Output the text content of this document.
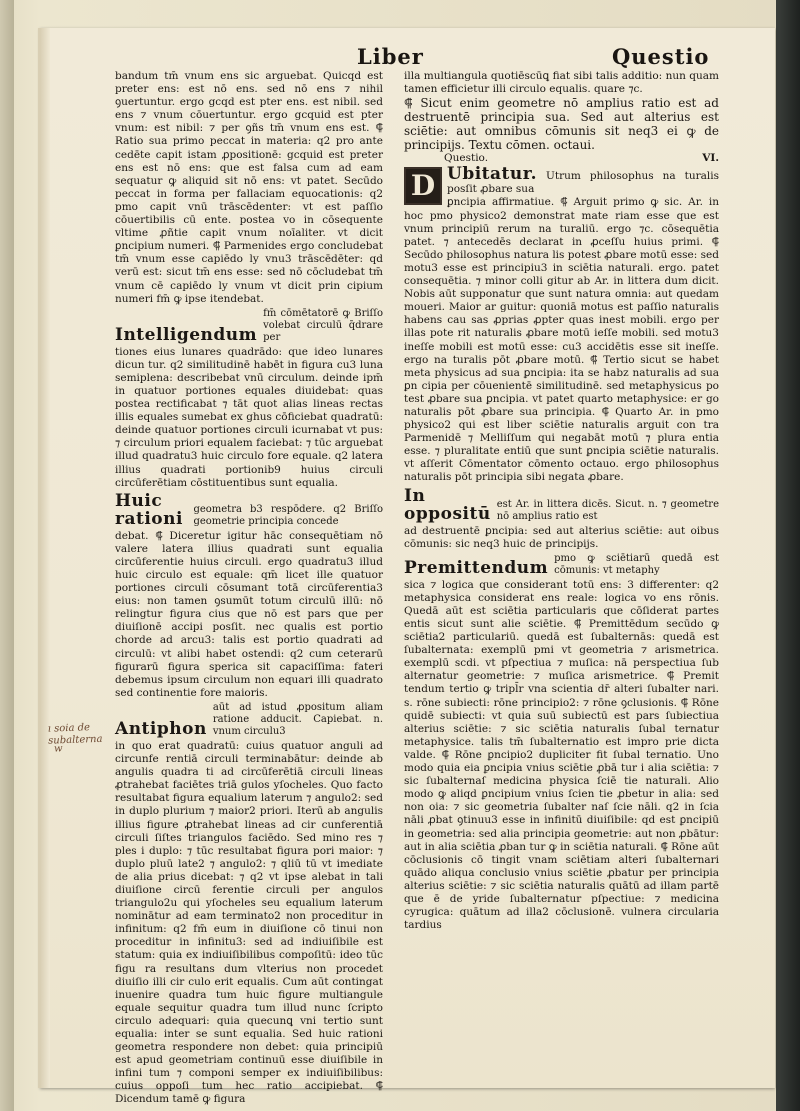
Liber	Questio

bandum tm̄ vnum ens sic arguebat. Quicqd est preter ens: est nō ens. sed nō ens ⁊ nihil ꝯuertuntur. ergo gcqd est pter ens. est nibil. sed ens ⁊ vnum cōuertuntur. ergo gcquid est pter vnum: est nibil: ⁊ per ꝯñs tm̄ vnum ens est. ⸿ Ratio sua primo peccat in materia: q2 pro ante cedēte capit istam ꝓpositionē: gcquid est preter ens est nō ens: que est falsa cum ad eam sequatur ꝙ aliquid sit nō ens: vt patet. Secūdo peccat in forma per fallaciam equocationis: q2 pmo capit vnū trāscēdenter: vt est paſſio cōuertibilis cū ente. postea vo in cōsequente vltime ꝓñtie capit vnum noīaliter. vt dicit ꝑncipium numeri. ⸿ Parmenides ergo concludebat tm̄ vnum esse capiēdo ly vnu3 trāscēdēter: qd verū est: sicut tm̄ ens esse: sed nō cōcludebat tm̄ vnum cē capiēdo ly vnum vt dicit prin cipium numeri fm̄ ꝙ ipse itendebat.

Intelligendum
fm̄ cōmētatorē ꝙ Briſſo volebat circulū q̄drare per

tiones eius lunares quadrādo: que ideo lunares dicun tur. q2 similitudinē habēt in figura cu3 luna semiplena: describebat vnū circulum. deinde ipm̄ in quatuor portiones equales diuidebat: quas postea rectificabat ⁊ tāt quot alias lineas rectas illis equales sumebat ex ghus cōficiebat quadratū: deinde quatuor portiones circuli icurnabat vt pus: ⁊ circulum priori equalem faciebat: ⁊ tūc arguebat illud quadratu3 huic circulo fore equale. q2 latera illius quadrati portionib9 huius circuli circūferētiam cōstituentibus sunt equalia.

Huic rationi	geometra b3 respōdere. q2 Briſſo geometrie principia concede

debat. ⸿ Diceretur igitur hāc consequētiam nō valere latera illius quadrati sunt equalia circūferentie huius circuli. ergo quadratu3 illud huic circulo est equale: qm̄ licet ille quatuor portiones circuli cōsumant totā circūferentia3 eius: non tamen ꝯsumūt totum circulū illū: nō relingtur figura cius que nō est pars que per diuiſionē accipi posſit. nec qualis est portio chorde ad arcu3: talis est portio quadrati ad circulū: vt alibi habet ostendi: q2 cum ceterarū figurarū figura sperica sit capaciſſima: fateri debemus ipsum circulum non equari illi quadrato sed continentie fore maioris.

Antiphon
aūt ad istud ꝓpositum aliam ratione adducit. Capiebat. n. vnum circulu3

in quo erat quadratū: cuius quatuor anguli ad circunfe rentiā circuli terminabātur: deinde ab angulis quadra ti ad circūferētiā circuli lineas ꝓtrahebat faciētes triā gulos yſocheles. Quo facto resultabat figura equalium laterum ⁊ angulo2: sed in duplo plurium ⁊ maior2 priori. Iterū ab angulis illius figure ꝓtrahebat lineas ad cir cunferentiā circuli ſiſtes triangulos faciēdo. Sed mino res ⁊ ples i duplo: ⁊ tūc resultabat figura pori maior: ⁊ duplo pluū late2 ⁊ angulo2: ⁊ qliū tū vt imediate de alia prius dicebat: ⁊ q2 vt ipse alebat in tali diuiſione circū ferentie circuli per angulos triangulo2u qui yſocheles seu equalium laterum nominātur ad eam terminato2 non proceditur in infinitum: q2 fm̄ eum in diuiſione cō tinui non proceditur in infinitu3: sed ad indiuiſibile est statum: quia ex indiuiſibilibus compoſitū: ideo tūc figu ra resultans dum vlterius non procedet diuiſio illi cir culo erit equalis. Cum aūt contingat inuenire quadra tum huic figure multiangule equale sequitur quadra tum illud nunc ſcripto circulo adequari: quia quecunꝗ vni tertio sunt equalia: inter se sunt equalia. Sed huic rationi geometra respondere non debet: quia principiū est apud geometriam continuū esse diuiſibile in infini tum ⁊ componi semper ex indiuiſibilibus: cuius oppoſi tum hec ratio accipiebat. ⸿ Dicendum tamē ꝙ figura

illa multiangula quotiēscūꝗ fiat sibi talis additio: nun quam tamen efficietur illi circulo equalis. quare ⁊c.

⸿ Sicut enim geometre nō amplius ratio est ad destruentē principia sua. Sed aut alterius est sciētie: aut omnibus cōmunis sit neq3 ei ꝙ de principijs. Textu cōmen. octaui.

Questio.	VI.
D Ubitatur. Utrum philosophus na turalis posſit ꝓbare sua

ꝑncipia affirmatiue. ⸿ Arguit primo ꝙ sic. Ar. in hoc pmo physico2 demonstrat mate riam esse que est vnum principiū rerum na turaliū. ergo ⁊c. cōsequētia patet. ⁊ antecedēs declarat in ꝓceſſu huius primi. ⸿ Secūdo philosophus natura lis potest ꝓbare motū esse: sed motu3 esse est principiu3 in sciētia naturali. ergo. patet consequētia. ⁊ minor colli gitur ab Ar. in littera dum dicit. Nobis aūt supponatur que sunt natura omnia: aut quedam moueri. Maior ar guitur: quoniā motus est paſſio naturalis habens cau sas ꝓprias ꝓpter quas inest mobili. ergo per illas pote rit naturalis ꝓbare motū ieſſe mobili. sed motu3 ineſſe mobili est motū esse: cu3 accidētis esse sit ineſſe. ergo na turalis pōt ꝓbare motū. ⸿ Tertio sicut se habet meta physicus ad sua ꝑncipia: ita se habz naturalis ad sua ꝑn cipia per cōuenientē similitudinē. sed metaphysicus po test ꝓbare sua ꝑncipia. vt patet quarto metaphysice: er go naturalis pōt ꝓbare sua principia. ⸿ Quarto Ar. in pmo physico2 qui est liber sciētie naturalis arguit con tra Parmenidē ⁊ Melliſſum qui negabāt motū ⁊ plura entia esse. ⁊ pluralitate entiū que sunt ꝑncipia sciētie naturalis. vt aſſerit Cōmentator cōmento octauo. ergo philosophus naturalis pōt principia sibi negata ꝓbare.

In oppositū est Ar. in littera dicēs. Sicut. n. ⁊ geometre nō amplius ratio est

ad destruentē ꝑncipia: sed aut alterius sciētie: aut oibus cōmunis: sic neq3 huic de principijs.

Premittendum pmo ꝙ sciētiarū quedā est cōmunis: vt metaphy

sica ⁊ logica que considerant totū ens: 3 differenter: q2 metaphysica considerat ens reale: logica vo ens rōnis. Quedā aūt est sciētia particularis que cōſiderat partes entis sicut sunt alie sciētie. ⸿ Premittēdum secūdo ꝙ sciētia2 particulariū. quedā est ſubalternās: quedā est ſubalternata: exemplū pmi vt geometria ⁊ arismetrica. exemplū scdi. vt pſpectiua ⁊ muſica: nā perspectiua ſub alternatur geometrie: ⁊ muſica arismetrice. ⸿ Premit tendum tertio ꝙ tripl̄r vna scientia dr̄ alteri ſubalter nari. s. rōne subiecti: rōne principio2: ⁊ rōne ꝯclusionis. ⸿ Rōne quidē subiecti: vt quia suū subiectū est pars ſubiectiua alterius sciētie: ⁊ sic sciētia naturalis ſubal ternatur metaphysice. talis tm̄ ſubalternatio est impro prie dicta valde. ⸿ Rōne ꝑncipio2 dupliciter fit ſubal ternatio. Uno modo quia eia ꝑncipia vnius sciētie ꝓbā tur i alia sciētia: ⁊ sic ſubalternaſ medicina physica ſciē tie naturali. Alio modo ꝙ aliqd ꝑncipium vnius ſcien tie ꝓbetur in alia: sed non oia: ⁊ sic geometria ſubalter naſ ſcie nāli. q2 in ſcia nāli ꝓbat ꝯtinuu3 esse in infinitū diuiſibile: qd est ꝑncipiū in geometria: sed alia principia geometrie: aut non ꝓbātur: aut in alia sciētia ꝓban tur ꝙ in sciētia naturali. ⸿ Rōne aūt cōclusionis cō tingit vnam sciētiam alteri ſubalternari quādo aliqua conclusio vnius sciētie ꝓbatur per principia alterius sciētie: ⁊ sic sciētia naturalis quātū ad illam partē que ē de yride ſubalternatur pſpectiue: ⁊ medicina cyrugica: quātum ad illa2 cōclusionē. vulnera circularia tardius

ı soia de subalterna
w
